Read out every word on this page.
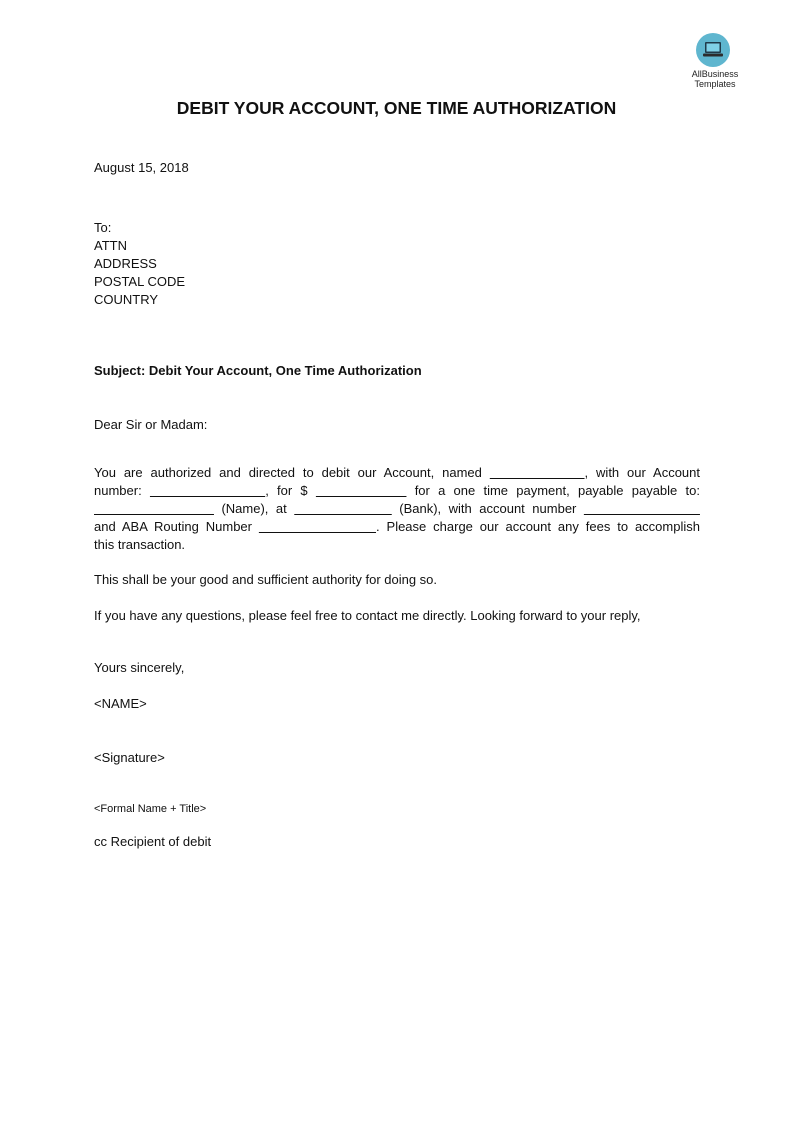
AllBusiness
Templates
DEBIT YOUR ACCOUNT, ONE TIME AUTHORIZATION
August 15, 2018
To:
ATTN
ADDRESS
POSTAL CODE
COUNTRY
Subject: Debit Your Account, One Time Authorization
Dear Sir or Madam:
You are authorized and directed to debit our Account, named	, with our Account
number:	, for $	for a one time payment, payable payable to:
(Name), at	(Bank), with account number
and ABA Routing Number	. Please charge our account any fees to accomplish
this transaction.
This shall be your good and sufficient authority for doing so.
If you have any questions, please feel free to contact me directly. Looking forward to your reply,
Yours sincerely,
<NAME>
<Signature>
<Formal Name + Title>
cc Recipient of debit
